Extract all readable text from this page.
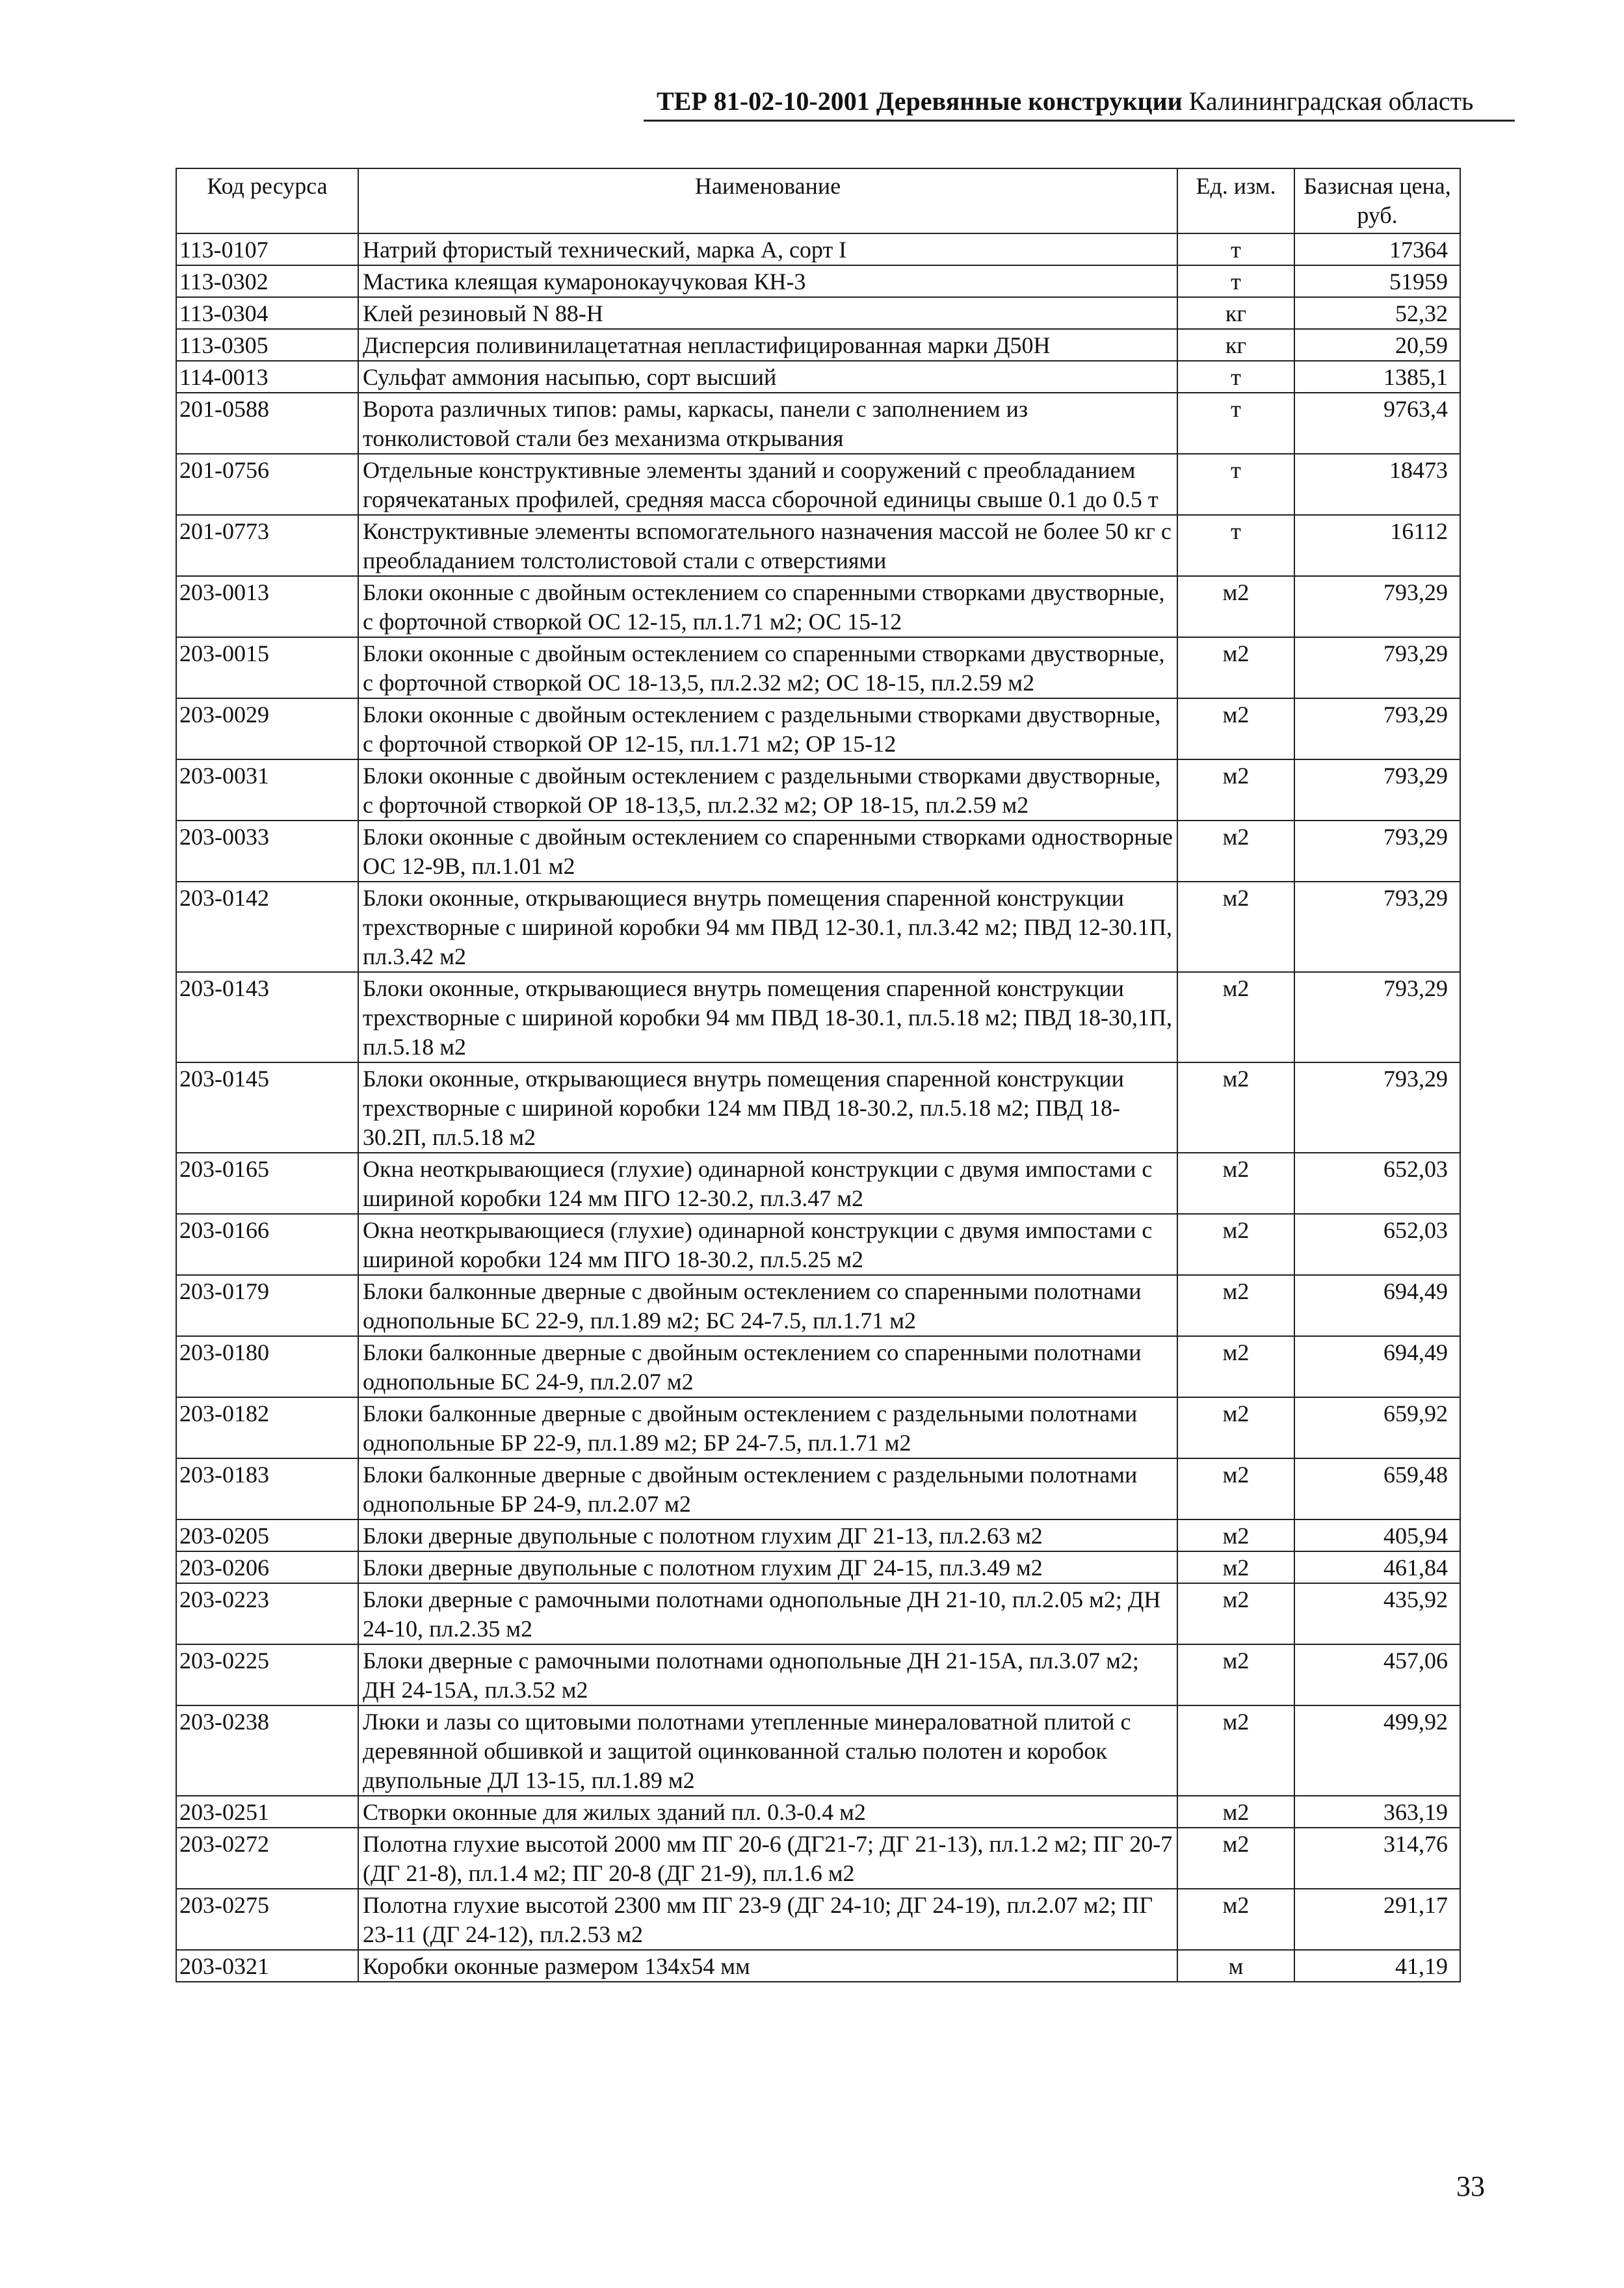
ТЕР 81-02-10-2001 Деревянные конструкции Калининградская область
Код ресурса	Наименование	Ед. изм.	Базисная цена, руб.
113-0107	Натрий фтористый технический, марка А, сорт I	т	17364
113-0302	Мастика клеящая кумаронокаучуковая КН-3	т	51959
113-0304	Клей резиновый N 88-Н	кг	52,32
113-0305	Дисперсия поливинилацетатная непластифицированная марки Д50Н	кг	20,59
114-0013	Сульфат аммония насыпью, сорт высший	т	1385,1
201-0588	Ворота различных типов: рамы, каркасы, панели с заполнением из тонколистовой стали без механизма открывания	т	9763,4
201-0756	Отдельные конструктивные элементы зданий и сооружений с преобладанием горячекатаных профилей, средняя масса сборочной единицы свыше 0.1 до 0.5 т	т	18473
201-0773	Конструктивные элементы вспомогательного назначения массой не более 50 кг с преобладанием толстолистовой стали с отверстиями	т	16112
203-0013	Блоки оконные с двойным остеклением со спаренными створками двустворные, с форточной створкой ОС 12-15, пл.1.71 м2; ОС 15-12	м2	793,29
203-0015	Блоки оконные с двойным остеклением со спаренными створками двустворные, с форточной створкой ОС 18-13,5, пл.2.32 м2; ОС 18-15, пл.2.59 м2	м2	793,29
203-0029	Блоки оконные с двойным остеклением с раздельными створками двустворные, с форточной створкой ОР 12-15, пл.1.71 м2; ОР 15-12	м2	793,29
203-0031	Блоки оконные с двойным остеклением с раздельными створками двустворные, с форточной створкой ОР 18-13,5, пл.2.32 м2; ОР 18-15, пл.2.59 м2	м2	793,29
203-0033	Блоки оконные с двойным остеклением со спаренными створками одностворные ОС 12-9В, пл.1.01 м2	м2	793,29
203-0142	Блоки оконные, открывающиеся внутрь помещения спаренной конструкции трехстворные с шириной коробки 94 мм ПВД 12-30.1, пл.3.42 м2; ПВД 12-30.1П, пл.3.42 м2	м2	793,29
203-0143	Блоки оконные, открывающиеся внутрь помещения спаренной конструкции трехстворные с шириной коробки 94 мм ПВД 18-30.1, пл.5.18 м2; ПВД 18-30,1П, пл.5.18 м2	м2	793,29
203-0145	Блоки оконные, открывающиеся внутрь помещения спаренной конструкции трехстворные с шириной коробки 124 мм ПВД 18-30.2, пл.5.18 м2; ПВД 18-30.2П, пл.5.18 м2	м2	793,29
203-0165	Окна неоткрывающиеся (глухие) одинарной конструкции с двумя импостами с шириной коробки 124 мм ПГО 12-30.2, пл.3.47 м2	м2	652,03
203-0166	Окна неоткрывающиеся (глухие) одинарной конструкции с двумя импостами с шириной коробки 124 мм ПГО 18-30.2, пл.5.25 м2	м2	652,03
203-0179	Блоки балконные дверные с двойным остеклением со спаренными полотнами однопольные БС 22-9, пл.1.89 м2; БС 24-7.5, пл.1.71 м2	м2	694,49
203-0180	Блоки балконные дверные с двойным остеклением со спаренными полотнами однопольные БС 24-9, пл.2.07 м2	м2	694,49
203-0182	Блоки балконные дверные с двойным остеклением с раздельными полотнами однопольные БР 22-9, пл.1.89 м2; БР 24-7.5, пл.1.71 м2	м2	659,92
203-0183	Блоки балконные дверные с двойным остеклением с раздельными полотнами однопольные БР 24-9, пл.2.07 м2	м2	659,48
203-0205	Блоки дверные двупольные с полотном глухим ДГ 21-13, пл.2.63 м2	м2	405,94
203-0206	Блоки дверные двупольные с полотном глухим ДГ 24-15, пл.3.49 м2	м2	461,84
203-0223	Блоки дверные с рамочными полотнами однопольные ДН 21-10, пл.2.05 м2; ДН 24-10, пл.2.35 м2	м2	435,92
203-0225	Блоки дверные с рамочными полотнами однопольные ДН 21-15А, пл.3.07 м2; ДН 24-15А, пл.3.52 м2	м2	457,06
203-0238	Люки и лазы со щитовыми полотнами утепленные минераловатной плитой с деревянной обшивкой и защитой оцинкованной сталью полотен и коробок двупольные ДЛ 13-15, пл.1.89 м2	м2	499,92
203-0251	Створки оконные для жилых зданий пл. 0.3-0.4 м2	м2	363,19
203-0272	Полотна глухие высотой 2000 мм ПГ 20-6 (ДГ21-7; ДГ 21-13), пл.1.2 м2; ПГ 20-7 (ДГ 21-8), пл.1.4 м2; ПГ 20-8 (ДГ 21-9), пл.1.6 м2	м2	314,76
203-0275	Полотна глухие высотой 2300 мм ПГ 23-9 (ДГ 24-10; ДГ 24-19), пл.2.07 м2; ПГ 23-11 (ДГ 24-12), пл.2.53 м2	м2	291,17
203-0321	Коробки оконные размером 134х54 мм	м	41,19
33
